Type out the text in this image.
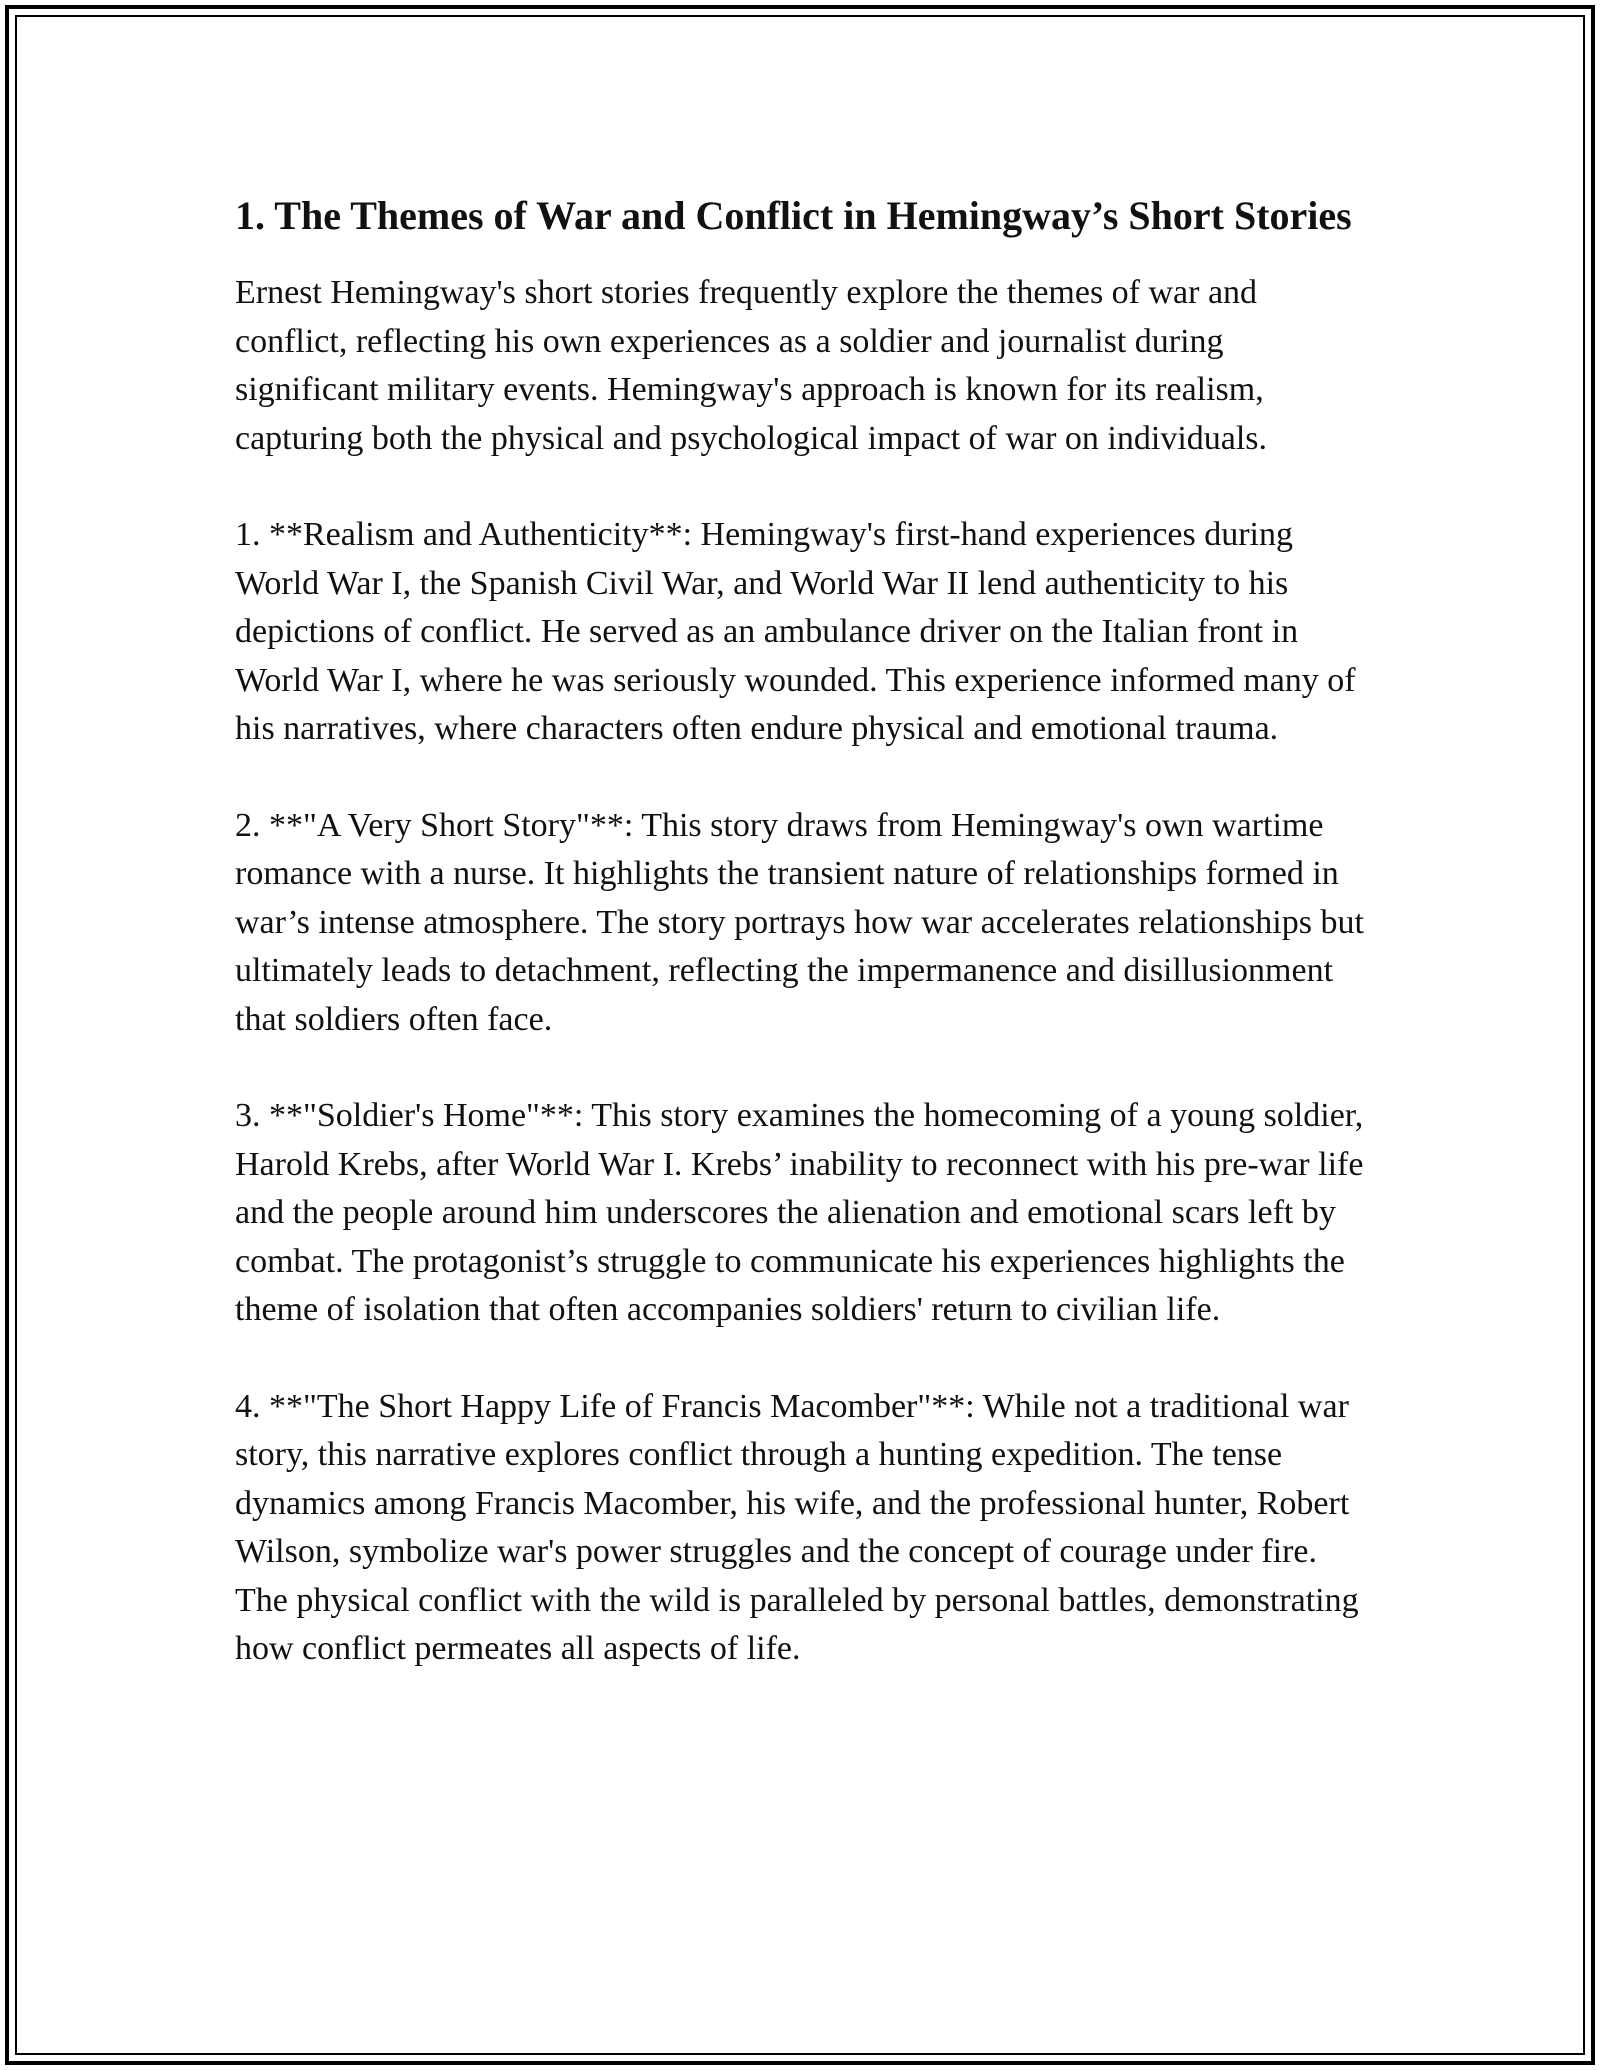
1. The Themes of War and Conflict in Hemingway’s Short Stories

Ernest Hemingway's short stories frequently explore the themes of war and conflict, reflecting his own experiences as a soldier and journalist during significant military events. Hemingway's approach is known for its realism, capturing both the physical and psychological impact of war on individuals.

1. **Realism and Authenticity**: Hemingway's first-hand experiences during World War I, the Spanish Civil War, and World War II lend authenticity to his depictions of conflict. He served as an ambulance driver on the Italian front in World War I, where he was seriously wounded. This experience informed many of his narratives, where characters often endure physical and emotional trauma.

2. **"A Very Short Story"**: This story draws from Hemingway's own wartime romance with a nurse. It highlights the transient nature of relationships formed in war’s intense atmosphere. The story portrays how war accelerates relationships but ultimately leads to detachment, reflecting the impermanence and disillusionment that soldiers often face.

3. **"Soldier's Home"**: This story examines the homecoming of a young soldier, Harold Krebs, after World War I. Krebs’ inability to reconnect with his pre-war life and the people around him underscores the alienation and emotional scars left by combat. The protagonist’s struggle to communicate his experiences highlights the theme of isolation that often accompanies soldiers' return to civilian life.

4. **"The Short Happy Life of Francis Macomber"**: While not a traditional war story, this narrative explores conflict through a hunting expedition. The tense dynamics among Francis Macomber, his wife, and the professional hunter, Robert Wilson, symbolize war's power struggles and the concept of courage under fire. The physical conflict with the wild is paralleled by personal battles, demonstrating how conflict permeates all aspects of life.
